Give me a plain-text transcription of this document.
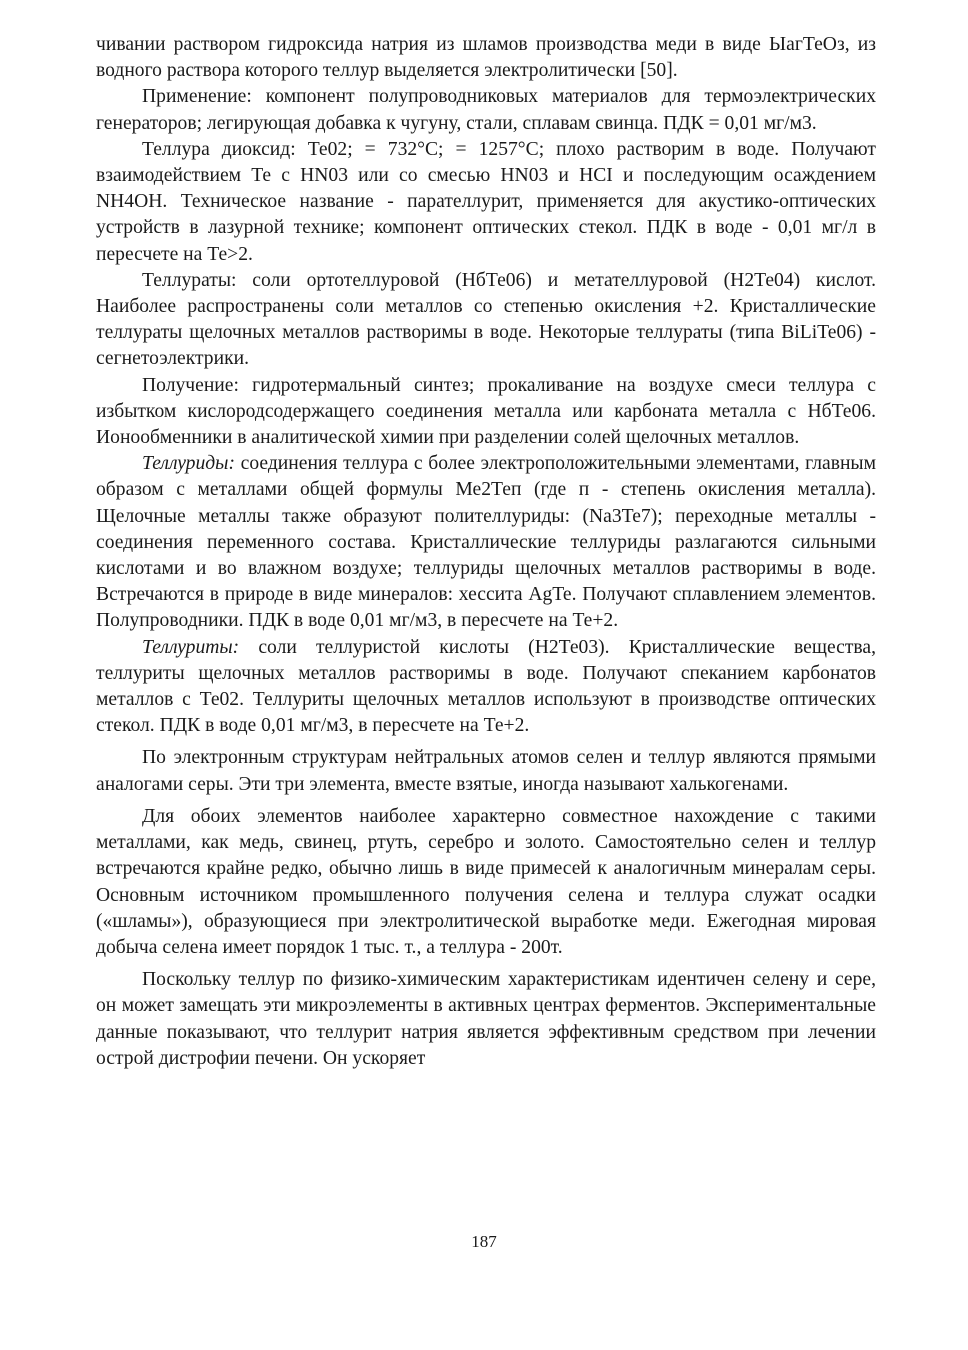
чивании раствором гидроксида натрия из шламов производства меди в виде ЫагТеОз, из водного раствора которого теллур выделяется электролитически [50].

Применение: компонент полупроводниковых материалов для термоэлектрических генераторов; легирующая добавка к чугуну, стали, сплавам свинца. ПДК = 0,01 мг/м3.

Теллура диоксид: Те02; = 732°С; = 1257°С; плохо растворим в воде. Получают взаимодействием Те с HN03 или со смесью HN03 и HCI и последующим осаждением NH4OH. Техническое название - парателлурит, применяется для акустико-оптических устройств в лазурной технике; компонент оптических стекол. ПДК в воде - 0,01 мг/л в пересчете на Те>2.

Теллураты: соли ортотеллуровой (НбТе06) и метателлуровой (Н2Те04) кислот. Наиболее распространены соли металлов со степенью окисления +2. Кристаллические теллураты щелочных металлов растворимы в воде. Некоторые теллураты (типа BiLiTe06) - сегнетоэлектрики.

Получение: гидротермальный синтез; прокаливание на воздухе смеси теллура с избытком кислородсодержащего соединения металла или карбоната металла с НбТе06. Ионообменники в аналитической химии при разделении солей щелочных металлов.

Теллуриды: соединения теллура с более электроположительными элементами, главным образом с металлами общей формулы Ме2Теп (где п - степень окисления металла). Щелочные металлы также образуют полителлуриды: (Na3Te7); переходные металлы - соединения переменного состава. Кристаллические теллуриды разлагаются сильными кислотами и во влажном воздухе; теллуриды щелочных металлов растворимы в воде. Встречаются в природе в виде минералов: хессита AgTe. Получают сплавлением элементов. Полупроводники. ПДК в воде 0,01 мг/м3, в пересчете на Те+2.

Теллуриты: соли теллуристой кислоты (Н2Те03). Кристаллические вещества, теллуриты щелочных металлов растворимы в воде. Получают спеканием карбонатов металлов с Те02. Теллуриты щелочных металлов используют в производстве оптических стекол. ПДК в воде 0,01 мг/м3, в пересчете на Те+2.

По электронным структурам нейтральных атомов селен и теллур являются прямыми аналогами серы. Эти три элемента, вместе взятые, иногда называют халькогенами.

Для обоих элементов наиболее характерно совместное нахождение с такими металлами, как медь, свинец, ртуть, серебро и золото. Самостоятельно селен и теллур встречаются крайне редко, обычно лишь в виде примесей к аналогичным минералам серы. Основным источником промышленного получения селена и теллура служат осадки («шламы»), образующиеся при электролитической выработке меди. Ежегодная мировая добыча селена имеет порядок 1 тыс. т., а теллура - 200т.

Поскольку теллур по физико-химическим характеристикам идентичен селену и сере, он может замещать эти микроэлементы в активных центрах ферментов. Экспериментальные данные показывают, что теллурит натрия является эффективным средством при лечении острой дистрофии печени. Он ускоряет

187
